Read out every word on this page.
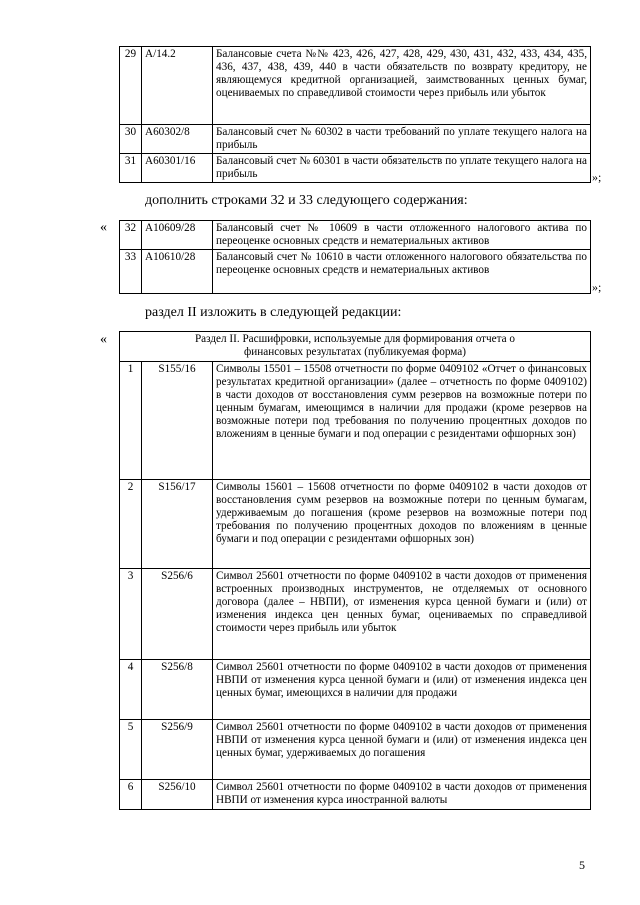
29	A/14.2	Балансовые счета №№ 423, 426, 427, 428, 429, 430, 431, 432, 433, 434, 435, 436, 437, 438, 439, 440 в части обязательств по возврату кредитору, не являющемуся кредитной организацией, заимствованных ценных бумаг, оцениваемых по справедливой стоимости через прибыль или убыток
30	A60302/8	Балансовый счет № 60302 в части требований по уплате текущего налога на прибыль
31	A60301/16	Балансовый счет № 60301 в части обязательств по уплате текущего налога на прибыль	»;
дополнить строками 32 и 33 следующего содержания:
« 32	A10609/28	Балансовый счет № 10609 в части отложенного налогового актива по переоценке основных средств и нематериальных активов
33	A10610/28	Балансовый счет № 10610 в части отложенного налогового обязательства по переоценке основных средств и нематериальных активов
»;
раздел II изложить в следующей редакции:
«	Раздел II. Расшифровки, используемые для формирования отчета о финансовых результатах (публикуемая форма)		
1	S155/16	Символы 15501 – 15508 отчетности по форме 0409102 «Отчет о финансовых результатах кредитной организации» (далее – отчетность по форме 0409102) в части доходов от восстановления сумм резервов на возможные потери по ценным бумагам, имеющимся в наличии для продажи (кроме резервов на возможные потери под требования по получению процентных доходов по вложениям в ценные бумаги и под операции с резидентами офшорных зон)
2	S156/17	Символы 15601 – 15608 отчетности по форме 0409102 в части доходов от восстановления сумм резервов на возможные потери по ценным бумагам, удерживаемым до погашения (кроме резервов на возможные потери под требования по получению процентных доходов по вложениям в ценные бумаги и под операции с резидентами офшорных зон)
3	S256/6	Символ 25601 отчетности по форме 0409102 в части доходов от применения встроенных производных инструментов, не отделяемых от основного договора (далее – НВПИ), от изменения курса ценной бумаги и (или) от изменения индекса цен ценных бумаг, оцениваемых по справедливой стоимости через прибыль или убыток
4	S256/8	Символ 25601 отчетности по форме 0409102 в части доходов от применения НВПИ от изменения курса ценной бумаги и (или) от изменения индекса цен ценных бумаг, имеющихся в наличии для продажи
5	S256/9	Символ 25601 отчетности по форме 0409102 в части доходов от применения НВПИ от изменения курса ценной бумаги и (или) от изменения индекса цен ценных бумаг, удерживаемых до погашения
6	S256/10	Символ 25601 отчетности по форме 0409102 в части доходов от применения НВПИ от изменения курса иностранной валюты
5
